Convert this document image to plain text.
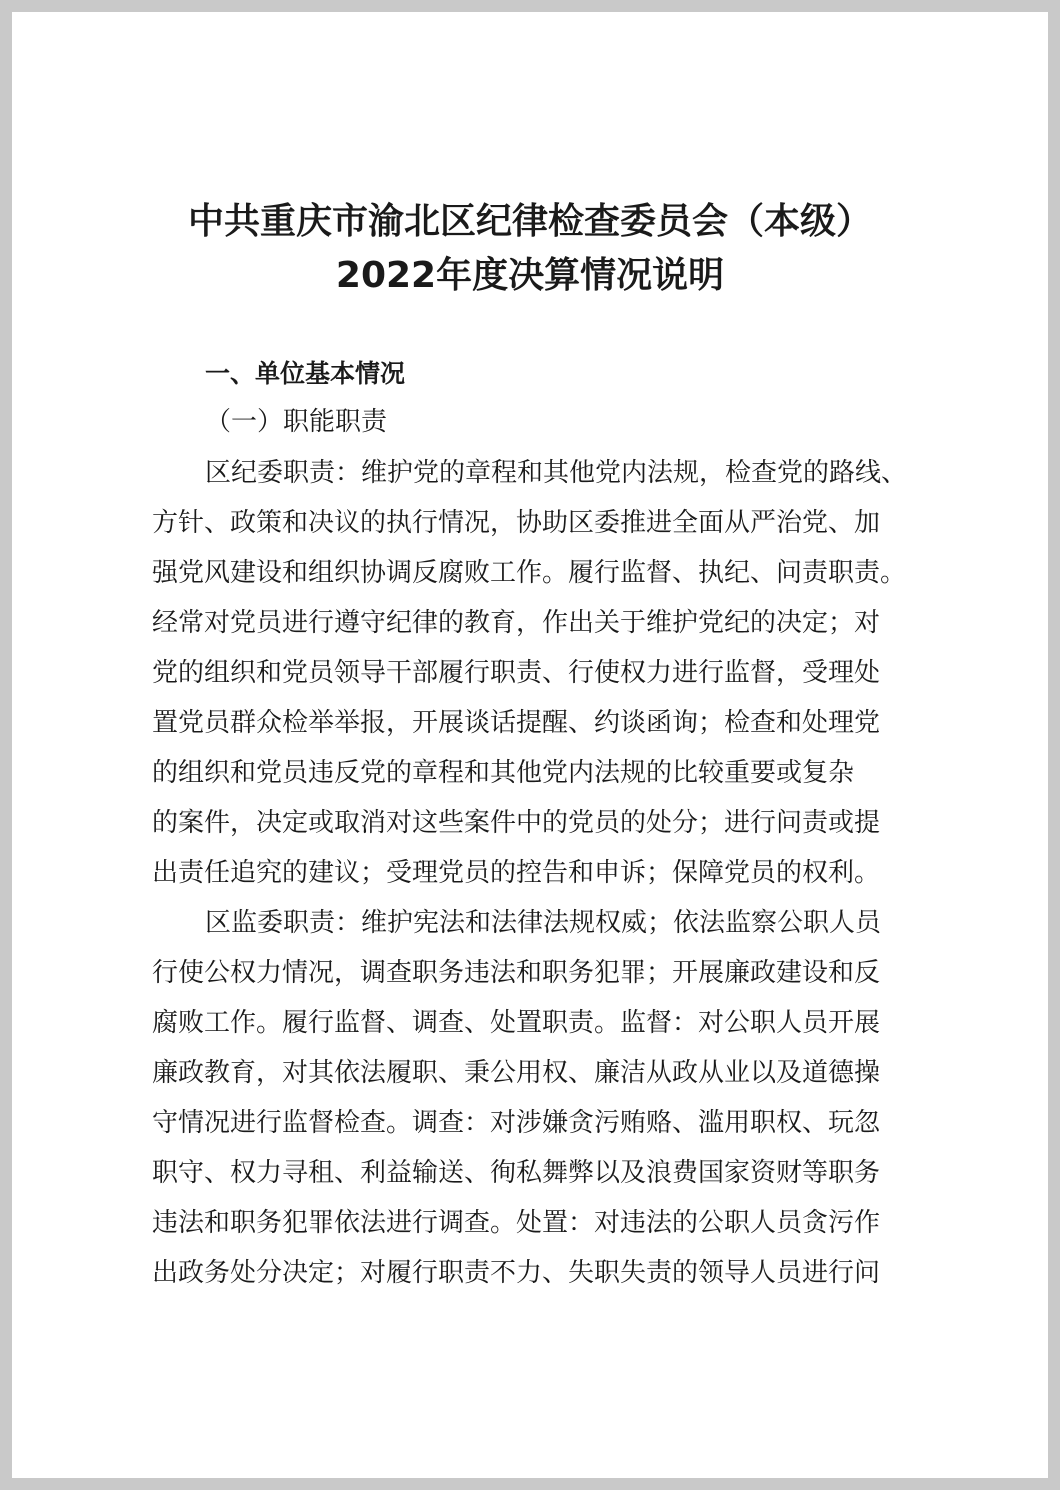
中共重庆市渝北区纪律检查委员会（本级）
2022年度决算情况说明
一、单位基本情况
（一）职能职责
区纪委职责：维护党的章程和其他党内法规，检查党的路线、
方针、政策和决议的执行情况，协助区委推进全面从严治党、加
强党风建设和组织协调反腐败工作。履行监督、执纪、问责职责。
经常对党员进行遵守纪律的教育，作出关于维护党纪的决定；对
党的组织和党员领导干部履行职责、行使权力进行监督，受理处
置党员群众检举举报，开展谈话提醒、约谈函询；检查和处理党
的组织和党员违反党的章程和其他党内法规的比较重要或复杂
的案件，决定或取消对这些案件中的党员的处分；进行问责或提
出责任追究的建议；受理党员的控告和申诉；保障党员的权利。
区监委职责：维护宪法和法律法规权威；依法监察公职人员
行使公权力情况，调查职务违法和职务犯罪；开展廉政建设和反
腐败工作。履行监督、调查、处置职责。监督：对公职人员开展
廉政教育，对其依法履职、秉公用权、廉洁从政从业以及道德操
守情况进行监督检查。调查：对涉嫌贪污贿赂、滥用职权、玩忽
职守、权力寻租、利益输送、徇私舞弊以及浪费国家资财等职务
违法和职务犯罪依法进行调查。处置：对违法的公职人员贪污作
出政务处分决定；对履行职责不力、失职失责的领导人员进行问
